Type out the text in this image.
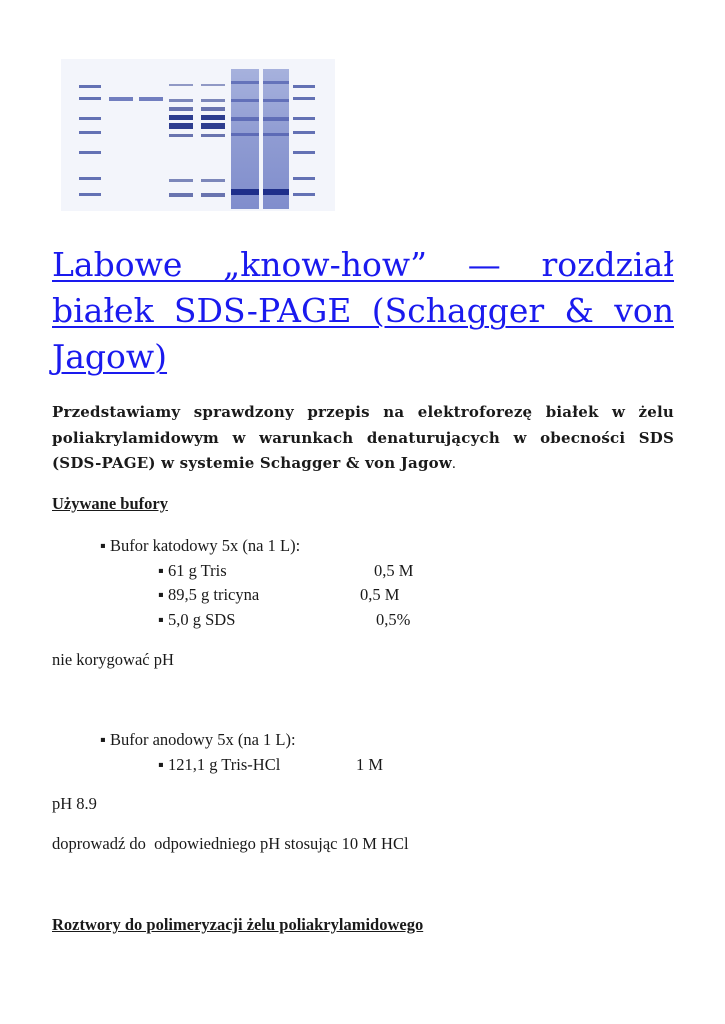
Labowe „know-how” — rozdział białek SDS-PAGE (Schagger & von Jagow)

Przedstawiamy sprawdzony przepis na elektroforezę białek w żelu poliakrylamidowym w warunkach denaturujących w obecności SDS (SDS-PAGE) w systemie Schagger & von Jagow.

Używane bufory

▪ Bufor katodowy 5x (na 1 L):

▪ 61 g Tris	0,5 M

▪ 89,5 g tricyna	0,5 M

▪ 5,0 g SDS	0,5%

nie korygować pH

▪ Bufor anodowy 5x (na 1 L):

▪ 121,1 g Tris-HCl	1 M

pH 8.9

doprowadź do  odpowiedniego pH stosując 10 M HCl

Roztwory do polimeryzacji żelu poliakrylamidowego
